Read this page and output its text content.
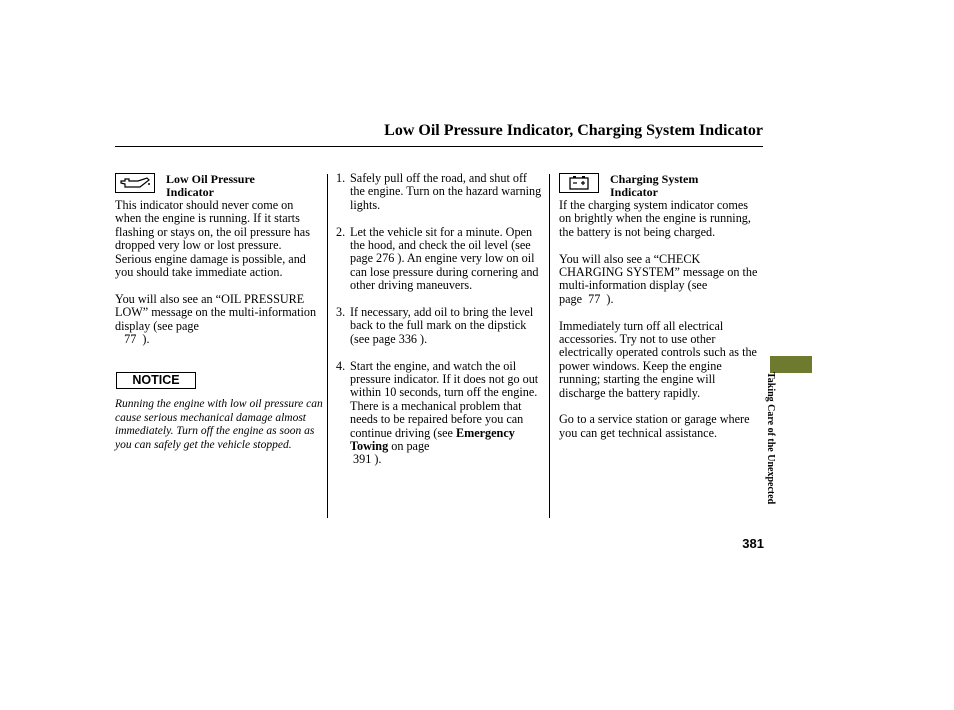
Low Oil Pressure Indicator, Charging System Indicator
Low Oil Pressure
Indicator

This indicator should never come on when the engine is running. If it starts flashing or stays on, the oil pressure has dropped very low or lost pressure. Serious engine damage is possible, and you should take immediate action.

You will also see an “OIL PRESSURE LOW” message on the multi-information display (see page
77 ).

NOTICE
Running the engine with low oil pressure can cause serious mechanical damage almost immediately. Turn off the engine as soon as you can safely get the vehicle stopped.
1. Safely pull off the road, and shut off the engine. Turn on the hazard warning lights.
2. Let the vehicle sit for a minute. Open the hood, and check the oil level (see page 276 ). An engine very low on oil can lose pressure during cornering and other driving maneuvers.
3. If necessary, add oil to bring the level back to the full mark on the dipstick (see page 336 ).
4. Start the engine, and watch the oil pressure indicator. If it does not go out within 10 seconds, turn off the engine. There is a mechanical problem that needs to be repaired before you can continue driving (see Emergency Towing on page
391 ).
Charging System
Indicator

If the charging system indicator comes on brightly when the engine is running, the battery is not being charged.

You will also see a “CHECK CHARGING SYSTEM” message on the multi-information display (see page 77 ).

Immediately turn off all electrical accessories. Try not to use other electrically operated controls such as the power windows. Keep the engine running; starting the engine will discharge the battery rapidly.

Go to a service station or garage where you can get technical assistance.	Taking Care of the Unexpected
381
